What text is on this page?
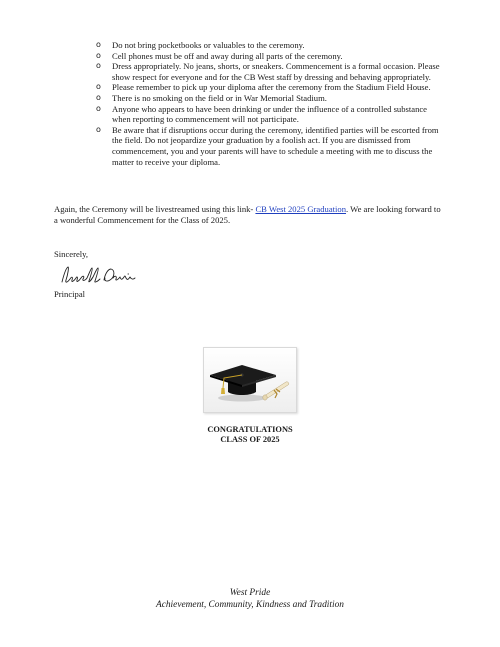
o Do not bring pocketbooks or valuables to the ceremony.
o Cell phones must be off and away during all parts of the ceremony.
o Dress appropriately. No jeans, shorts, or sneakers. Commencement is a formal occasion. Please show respect for everyone and for the CB West staff by dressing and behaving appropriately.
o Please remember to pick up your diploma after the ceremony from the Stadium Field House.
o There is no smoking on the field or in War Memorial Stadium.
o Anyone who appears to have been drinking or under the influence of a controlled substance when reporting to commencement will not participate.
o Be aware that if disruptions occur during the ceremony, identified parties will be escorted from the field. Do not jeopardize your graduation by a foolish act. If you are dismissed from commencement, you and your parents will have to schedule a meeting with me to discuss the matter to receive your diploma.

Again, the Ceremony will be livestreamed using this link- CB West 2025 Graduation. We are looking forward to a wonderful Commencement for the Class of 2025.

Sincerely,
Principal
CONGRATULATIONS
CLASS OF 2025
West Pride
Achievement, Community, Kindness and Tradition
